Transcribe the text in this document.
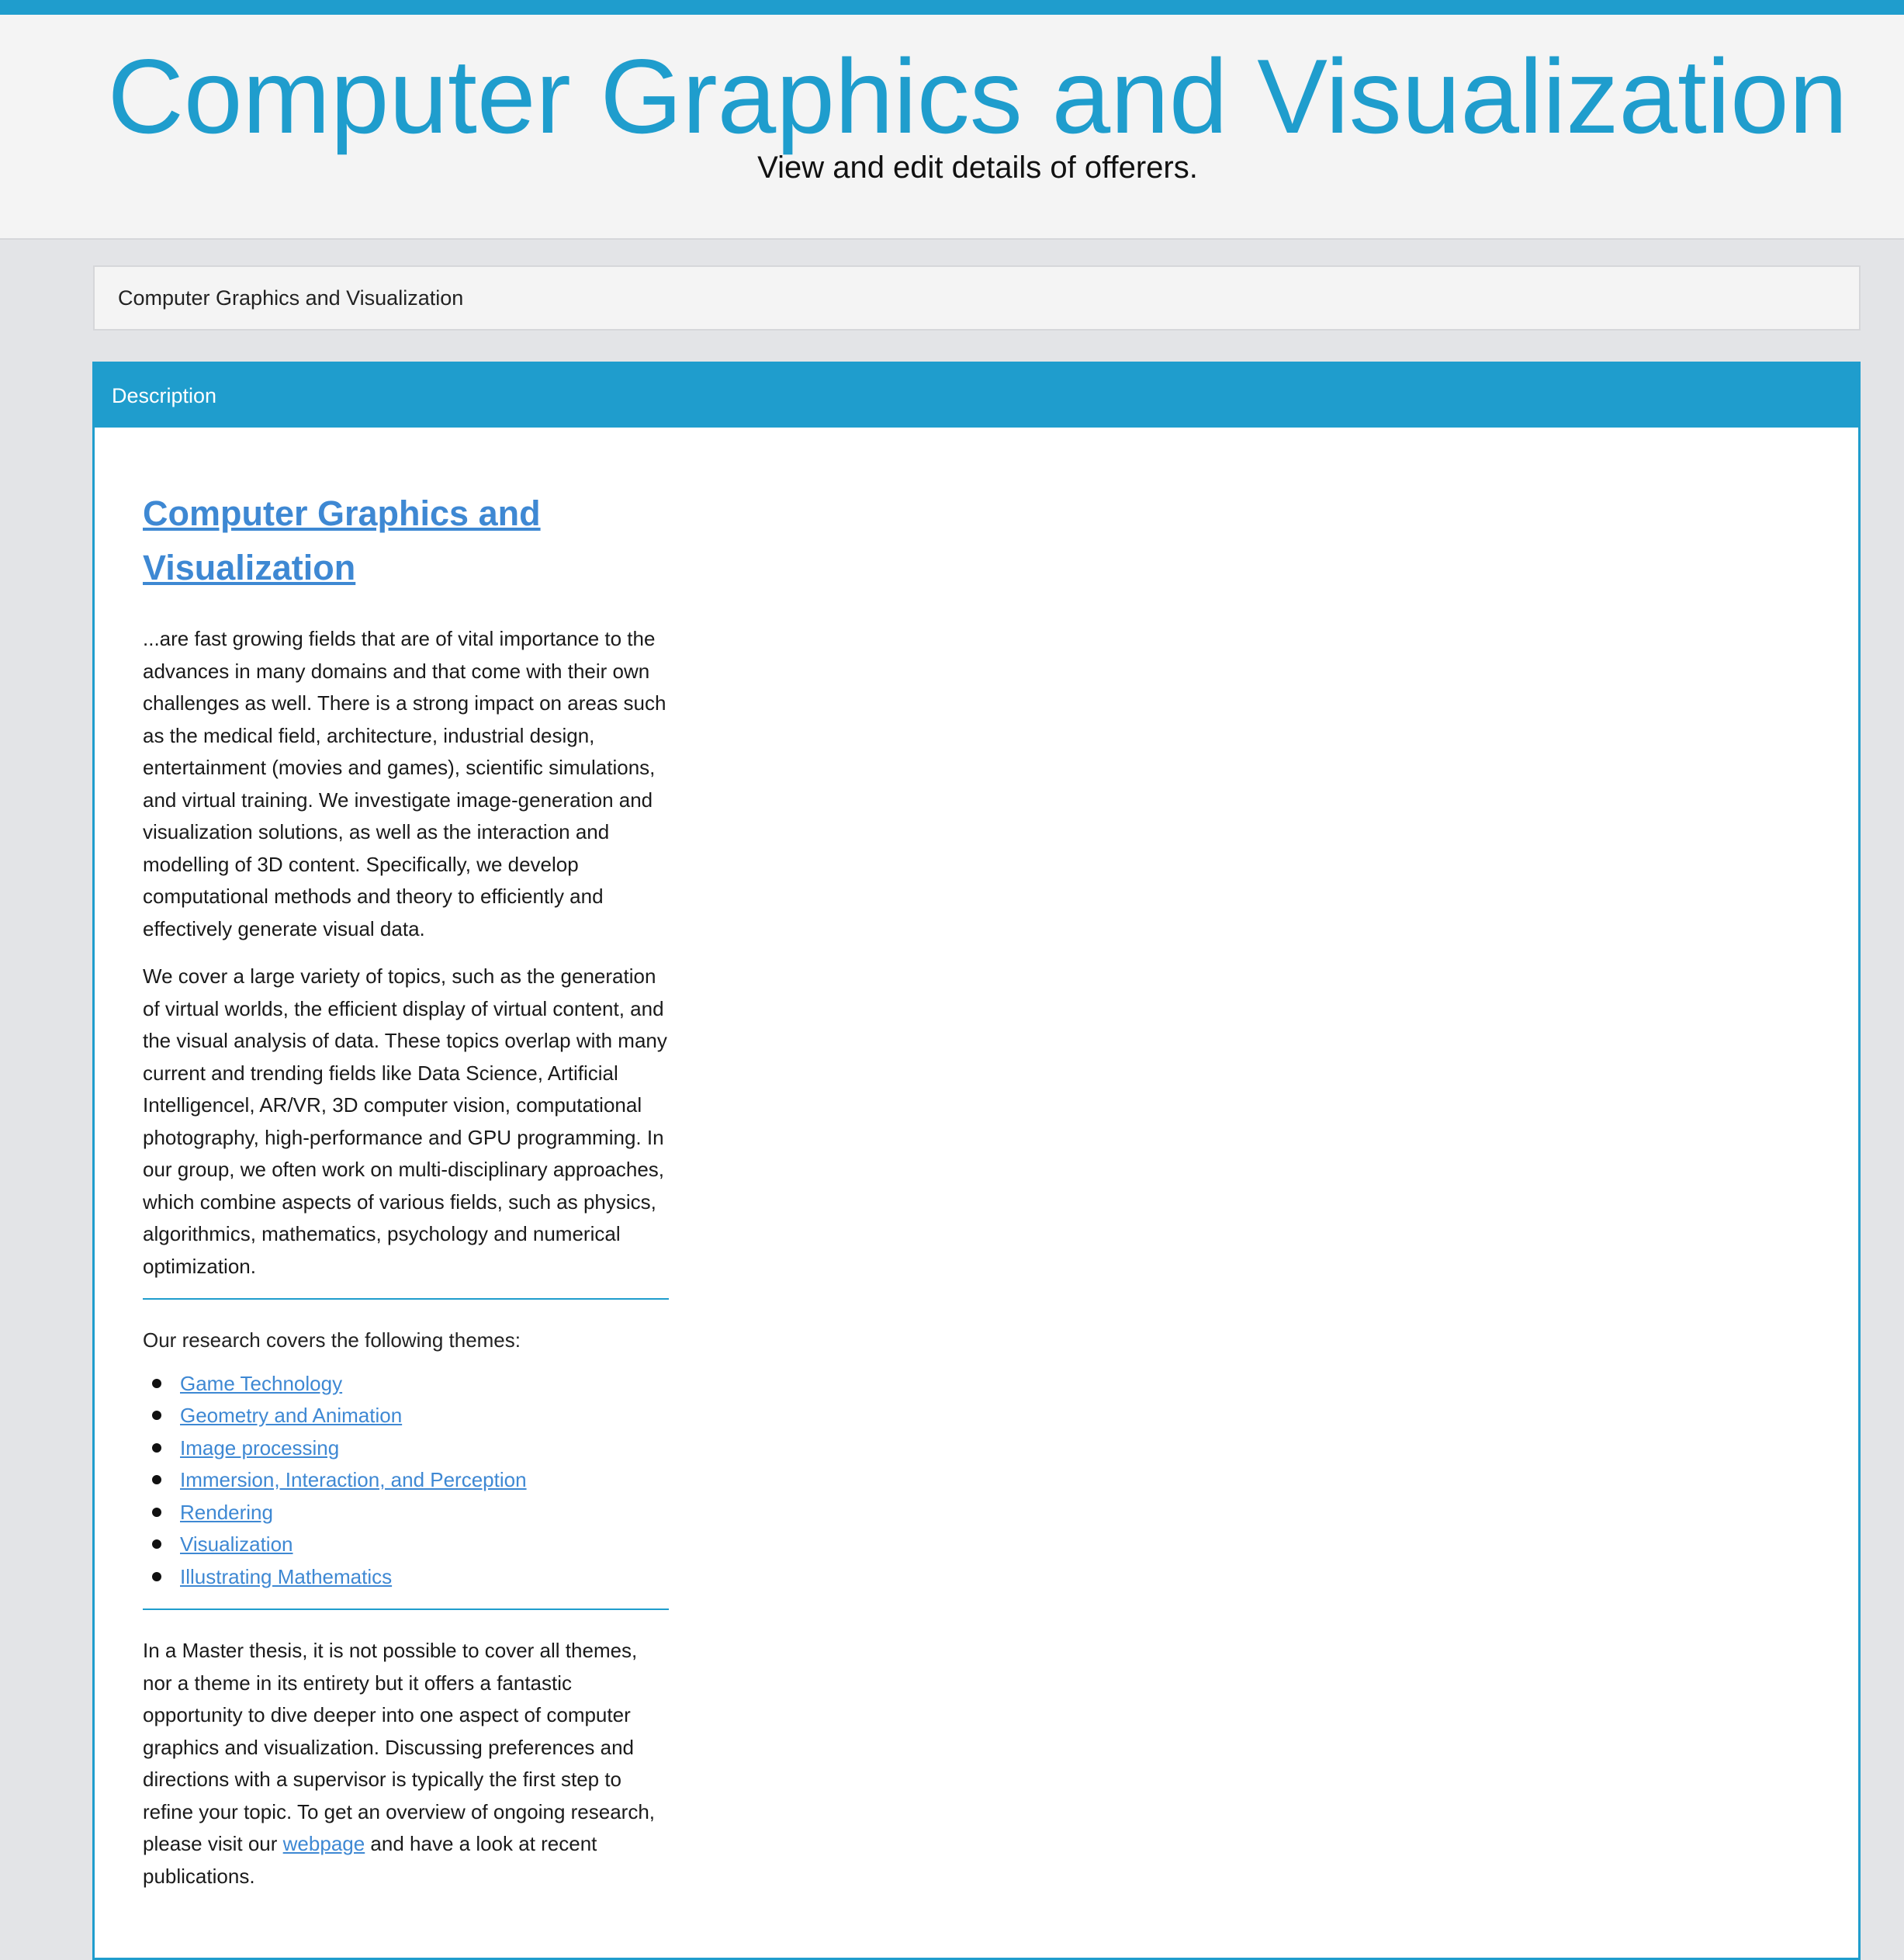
Computer Graphics and Visualization

View and edit details of offerers.

Computer Graphics and Visualization
Description
Computer Graphics and Visualization

...are fast growing fields that are of vital importance to the advances in many domains and that come with their own challenges as well. There is a strong impact on areas such as the medical field, architecture, industrial design, entertainment (movies and games), scientific simulations, and virtual training. We investigate image-generation and visualization solutions, as well as the interaction and modelling of 3D content. Specifically, we develop computational methods and theory to efficiently and effectively generate visual data.

We cover a large variety of topics, such as the generation of virtual worlds, the efficient display of virtual content, and the visual analysis of data. These topics overlap with many current and trending fields like Data Science, Artificial Intelligencel, AR/VR, 3D computer vision, computational photography, high-performance and GPU programming. In our group, we often work on multi-disciplinary approaches, which combine aspects of various fields, such as physics, algorithmics, mathematics, psychology and numerical optimization.

Our research covers the following themes:

Game Technology
Geometry and Animation
Image processing
Immersion, Interaction, and Perception
Rendering
Visualization
Illustrating Mathematics

In a Master thesis, it is not possible to cover all themes, nor a theme in its entirety but it offers a fantastic opportunity to dive deeper into one aspect of computer graphics and visualization. Discussing preferences and directions with a supervisor is typically the first step to refine your topic. To get an overview of ongoing research, please visit our webpage and have a look at recent publications.
